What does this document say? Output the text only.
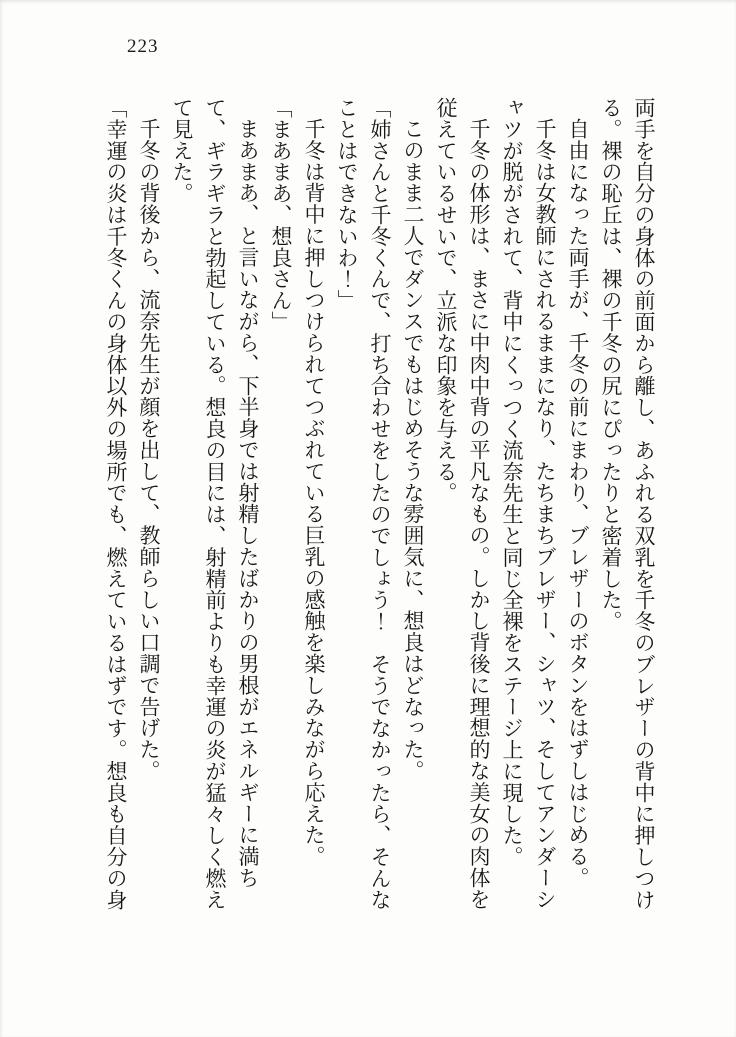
223

両手を自分の身体の前面から離し、あふれる双乳を千冬のブレザーの背中に押しつける。裸の恥丘は、裸の千冬の尻にぴったりと密着した。

自由になった両手が、千冬の前にまわり、ブレザーのボタンをはずしはじめる。

千冬は女教師にされるままになり、たちまちブレザー、シャツ、そしてアンダーシャツが脱がされて、背中にくっつく流奈先生と同じ全裸をステージ上に現した。

千冬の体形は、まさに中肉中背の平凡なもの。しかし背後に理想的な美女の肉体を従えているせいで、立派な印象を与える。

このまま二人でダンスでもはじめそうな雰囲気に、想良はどなった。

「姉さんと千冬くんで、打ち合わせをしたのでしょう！　そうでなかったら、そんなことはできないわ！」

千冬は背中に押しつけられてつぶれている巨乳の感触を楽しみながら応えた。

「まあまあ、想良さん」

まあまあ、と言いながら、下半身では射精したばかりの男根がエネルギーに満ちて、ギラギラと勃起している。想良の目には、射精前よりも幸運の炎が猛々しく燃えて見えた。

千冬の背後から、流奈先生が顔を出して、教師らしい口調で告げた。

「幸運の炎は千冬くんの身体以外の場所でも、燃えているはずです。想良も自分の身
